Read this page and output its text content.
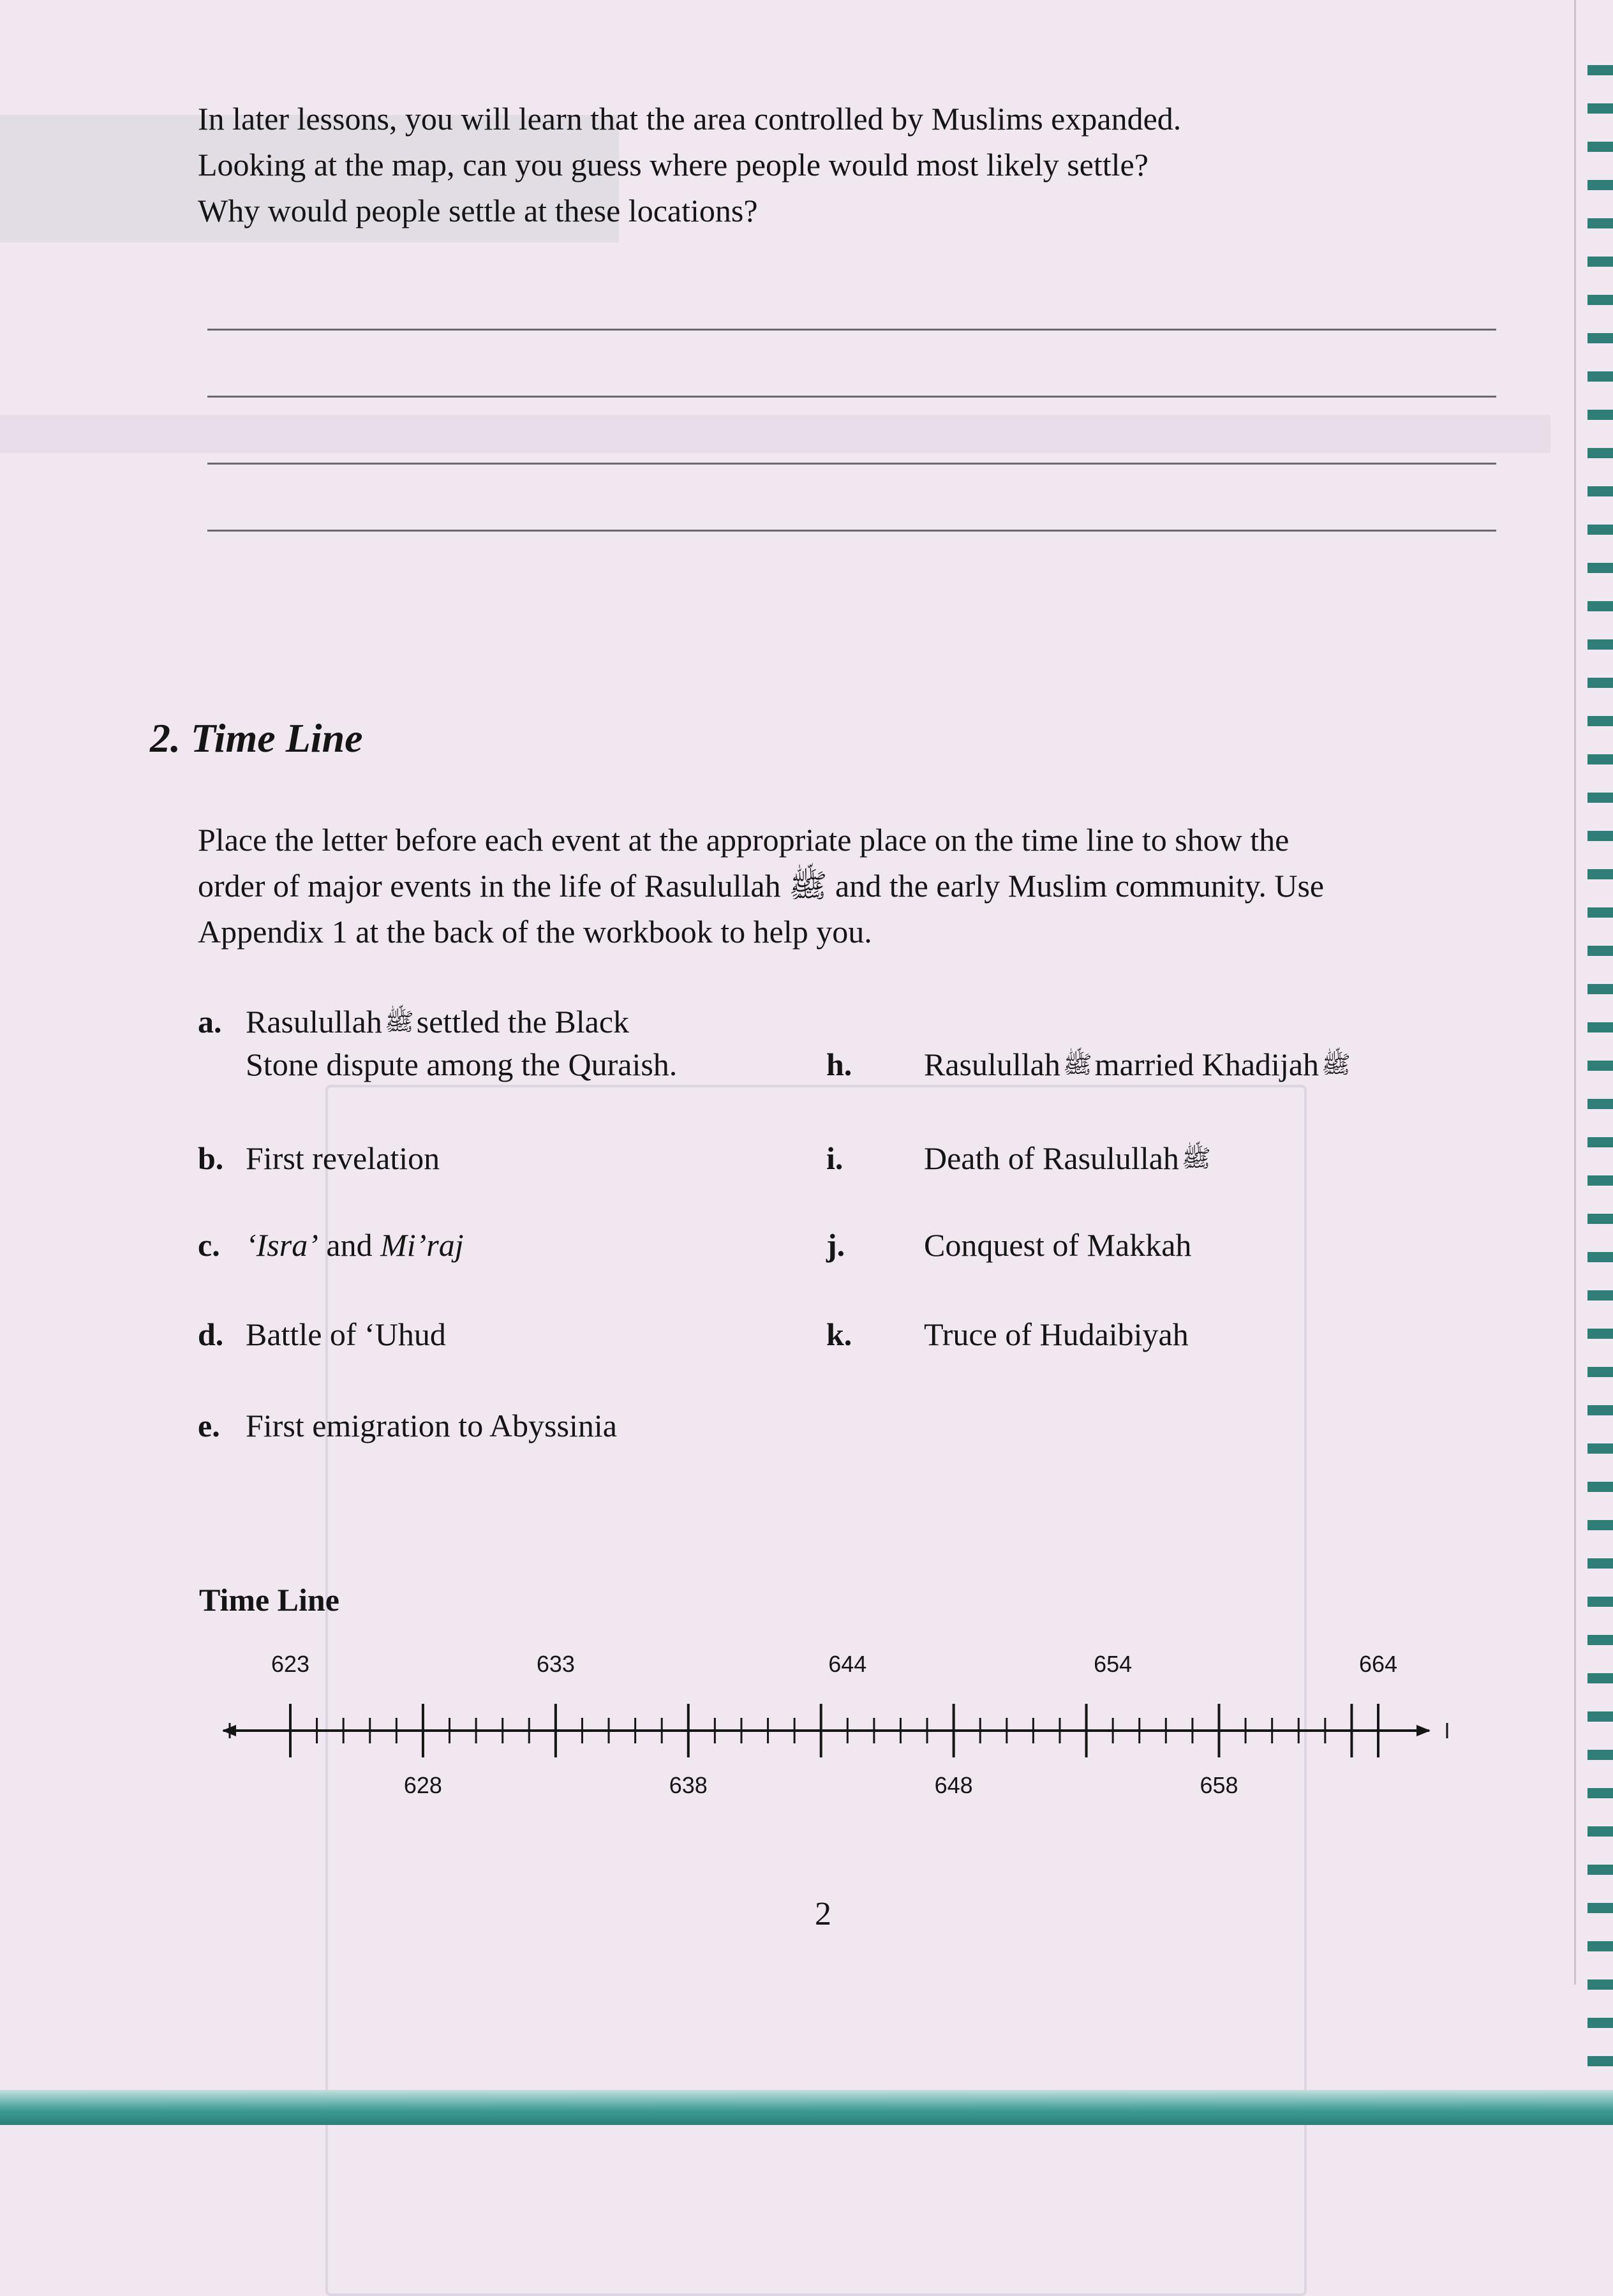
In later lessons, you will learn that the area controlled by Muslims expanded.

Looking at the map, can you guess where people would most likely settle?

Why would people settle at these locations?

2. Time Line
Place the letter before each event at the appropriate place on the time line to show the
order of major events in the life of Rasulullah ﷺ and the early Muslim community. Use
Appendix 1 at the back of the workbook to help you.
a. Rasulullah ﷺsettled the Black
Stone dispute among the Quraish.
b. First revelation
c. ‘Isra’ and Mi’raj
d. Battle of ‘Uhud
e. First emigration to Abyssinia
h. Rasulullah ﷺmarried Khadijah ﷺ
i.	Death of Rasulullah ﷺ
j. Conquest of Makkah
k. Truce of Hudaibiyah
Time Line
623	633	644	654	664
628	638	648	658
2
